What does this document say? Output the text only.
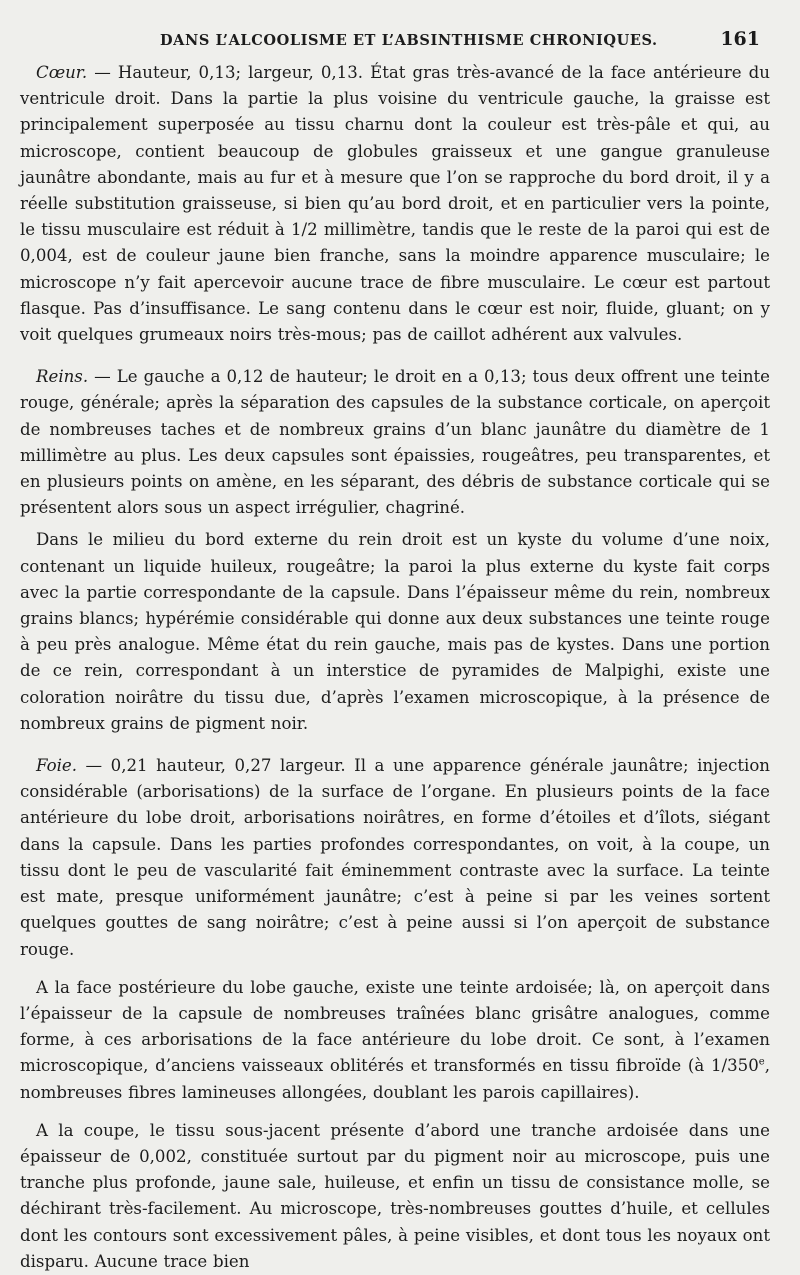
DANS L’ALCOOLISME ET L’ABSINTHISME CHRONIQUES.	161

Cœur. — Hauteur, 0,13; largeur, 0,13. État gras très-avancé de la face antérieure du ventricule droit. Dans la partie la plus voisine du ventricule gauche, la graisse est principalement superposée au tissu charnu dont la couleur est très-pâle et qui, au microscope, contient beaucoup de globules graisseux et une gangue granuleuse jaunâtre abondante, mais au fur et à mesure que l’on se rapproche du bord droit, il y a réelle substitution graisseuse, si bien qu’au bord droit, et en particulier vers la pointe, le tissu musculaire est réduit à 1/2 millimètre, tandis que le reste de la paroi qui est de 0,004, est de couleur jaune bien franche, sans la moindre apparence musculaire; le microscope n’y fait apercevoir aucune trace de fibre musculaire. Le cœur est partout flasque. Pas d’insuffisance. Le sang contenu dans le cœur est noir, fluide, gluant; on y voit quelques grumeaux noirs très-mous; pas de caillot adhérent aux valvules.

Reins. — Le gauche a 0,12 de hauteur; le droit en a 0,13; tous deux offrent une teinte rouge, générale; après la séparation des capsules de la substance corticale, on aperçoit de nombreuses taches et de nombreux grains d’un blanc jaunâtre du diamètre de 1 millimètre au plus. Les deux capsules sont épaissies, rougeâtres, peu transparentes, et en plusieurs points on amène, en les séparant, des débris de substance corticale qui se présentent alors sous un aspect irrégulier, chagriné.

Dans le milieu du bord externe du rein droit est un kyste du volume d’une noix, contenant un liquide huileux, rougeâtre; la paroi la plus externe du kyste fait corps avec la partie correspondante de la capsule. Dans l’épaisseur même du rein, nombreux grains blancs; hypérémie considérable qui donne aux deux substances une teinte rouge à peu près analogue. Même état du rein gauche, mais pas de kystes. Dans une portion de ce rein, correspondant à un interstice de pyramides de Malpighi, existe une coloration noirâtre du tissu due, d’après l’examen microscopique, à la présence de nombreux grains de pigment noir.

Foie. — 0,21 hauteur, 0,27 largeur. Il a une apparence générale jaunâtre; injection considérable (arborisations) de la surface de l’organe. En plusieurs points de la face antérieure du lobe droit, arborisations noirâtres, en forme d’étoiles et d’îlots, siégant dans la capsule. Dans les parties profondes correspondantes, on voit, à la coupe, un tissu dont le peu de vascularité fait éminemment contraste avec la surface. La teinte est mate, presque uniformément jaunâtre; c’est à peine si par les veines sortent quelques gouttes de sang noirâtre; c’est à peine aussi si l’on aperçoit de substance rouge.

A la face postérieure du lobe gauche, existe une teinte ardoisée; là, on aperçoit dans l’épaisseur de la capsule de nombreuses traînées blanc grisâtre analogues, comme forme, à ces arborisations de la face antérieure du lobe droit. Ce sont, à l’examen microscopique, d’anciens vaisseaux oblitérés et transformés en tissu fibroïde (à 1/350e, nombreuses fibres lamineuses allongées, doublant les parois capillaires).

A la coupe, le tissu sous-jacent présente d’abord une tranche ardoisée dans une épaisseur de 0,002, constituée surtout par du pigment noir au microscope, puis une tranche plus profonde, jaune sale, huileuse, et enfin un tissu de consistance molle, se déchirant très-facilement. Au microscope, très-nombreuses gouttes d’huile, et cellules dont les contours sont excessivement pâles, à peine visibles, et dont tous les noyaux ont disparu. Aucune trace bien
